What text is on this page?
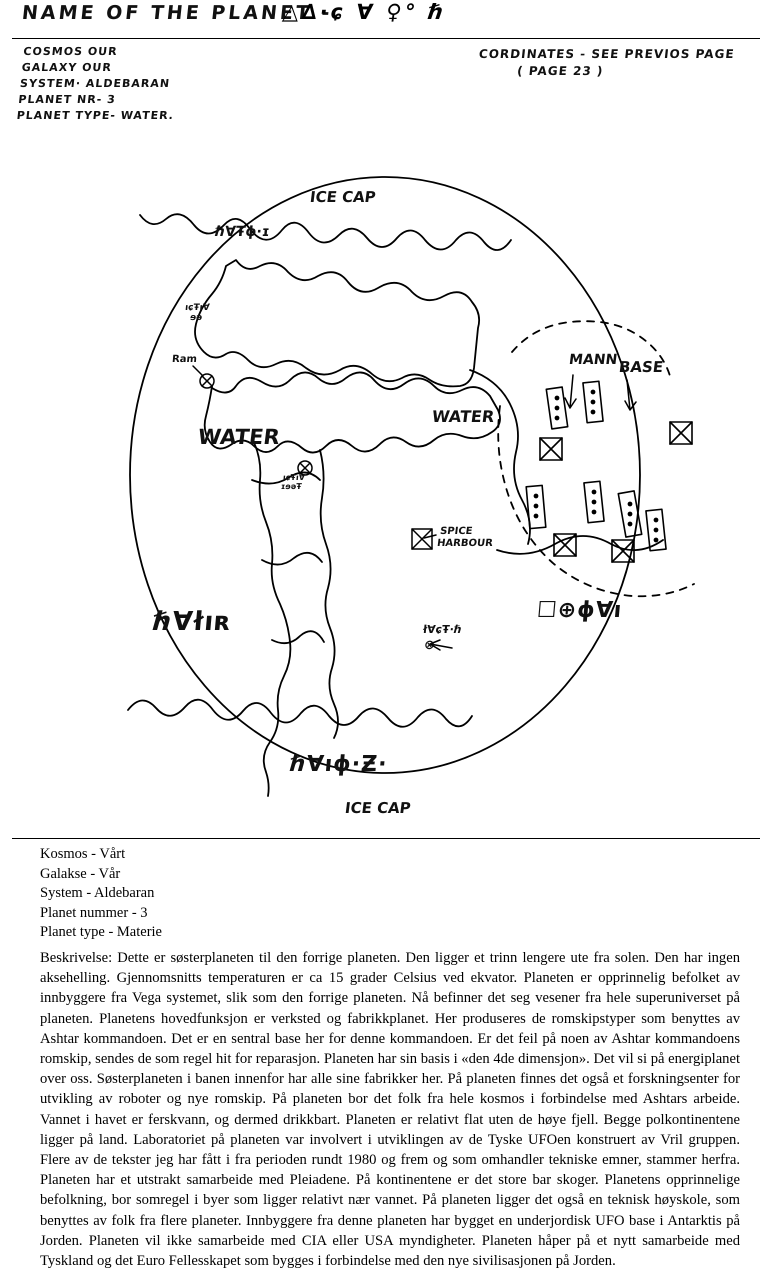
NAME OF THE PLANET -
△∆·ɕ Ɐ ♀° ℏ
COSMOS OUR
GALAXY OUR
SYSTEM· ALDEBARAN
PLANET NR- 3
PLANET TYPE- WATER.
CORDINATES - SEE PREVIOS PAGE
( PAGE 23 )
ICE CAP
ICE CAP
WATER
WATER
MANN BASE
SPICE
HARBOUR
ℏⱯŦɸ·ɪ
ıɕŦıⱯ
ɘə
Ram
ıɕŦıⱯ
ɪɘəŦ
ℏⱯłıʀ	łⱯɕŦ·ℏ
⊗
ℏⱯıɸ·Ƶ·
☐⊕ɸⱯı
Kosmos - Vårt
Galakse - Vår
System - Aldebaran
Planet nummer - 3
Planet type - Materie
Beskrivelse: Dette er søsterplaneten til den forrige planeten. Den ligger et trinn lengere ute fra solen. Den har ingen aksehelling. Gjennomsnitts temperaturen er ca 15 grader Celsius ved ekvator. Planeten er opprinnelig befolket av innbyggere fra Vega systemet, slik som den forrige planeten. Nå befinner det seg vesener fra hele superuniverset på planeten. Planetens hovedfunksjon er verksted og fabrikkplanet. Her produseres de romskipstyper som benyttes av Ashtar kommandoen. Det er en sentral base her for denne kommandoen. Er det feil på noen av Ashtar kommandoens romskip, sendes de som regel hit for reparasjon. Planeten har sin basis i «den 4de dimensjon». Det vil si på energiplanet over oss. Søsterplaneten i banen innenfor har alle sine fabrikker her. På planeten finnes det også et forskningsenter for utvikling av roboter og nye romskip. På planeten bor det folk fra hele kosmos i forbindelse med Ashtars arbeide. Vannet i havet er ferskvann, og dermed drikkbart. Planeten er relativt flat uten de høye fjell. Begge polkontinentene ligger på land. Laboratoriet på planeten var involvert i utviklingen av de Tyske UFOen konstruert av Vril gruppen. Flere av de tekster jeg har fått i fra perioden rundt 1980 og frem og som omhandler tekniske emner, stammer herfra. Planeten har et utstrakt samarbeide med Pleiadene. På kontinentene er det store bar skoger. Planetens opprinnelige befolkning, bor somregel i byer som ligger relativt nær vannet. På planeten ligger det også en teknisk høyskole, som benyttes av folk fra flere planeter. Innbyggere fra denne planeten har bygget en underjordisk UFO base i Antarktis på Jorden. Planeten vil ikke samarbeide med CIA eller USA myndigheter. Planeten håper på et nytt samarbeide med Tyskland og det Euro Fellesskapet som bygges i forbindelse med den nye sivilisasjonen på Jorden.
